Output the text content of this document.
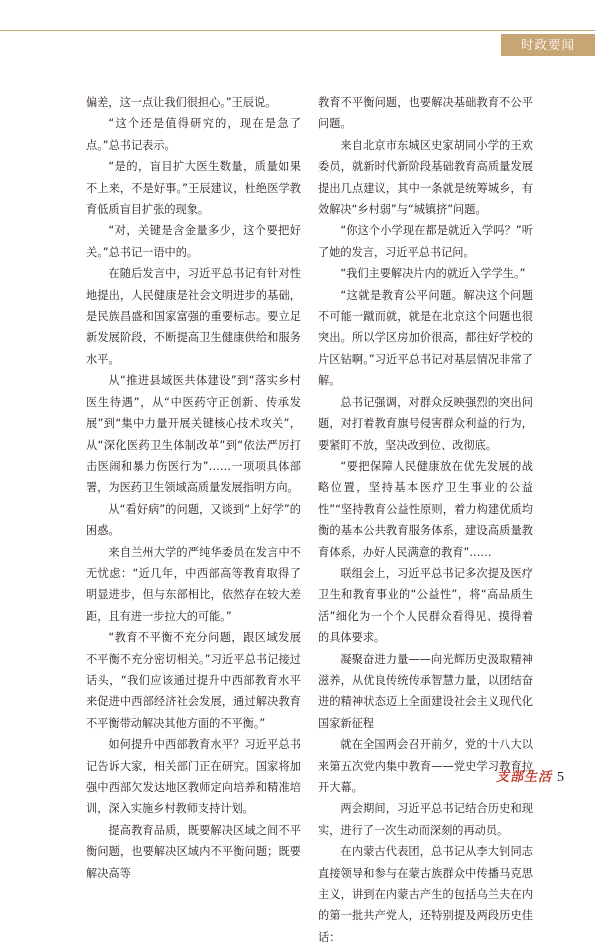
时政要闻

偏差，这一点让我们很担心。”王辰说。

“这个还是值得研究的，现在是急了点。”总书记表示。

“是的，盲目扩大医生数量，质量如果不上来，不是好事。”王辰建议，杜绝医学教育低质盲目扩张的现象。

“对，关键是含金量多少，这个要把好关。”总书记一语中的。

在随后发言中，习近平总书记有针对性地提出，人民健康是社会文明进步的基础，是民族昌盛和国家富强的重要标志。要立足新发展阶段，不断提高卫生健康供给和服务水平。

从“推进县域医共体建设”到“落实乡村医生待遇”，从“中医药守正创新、传承发展”到“集中力量开展关键核心技术攻关”，从“深化医药卫生体制改革”到“依法严厉打击医闹和暴力伤医行为”……一项项具体部署，为医药卫生领域高质量发展指明方向。

从“看好病”的问题，又谈到“上好学”的困惑。

来自兰州大学的严纯华委员在发言中不无忧虑：“近几年，中西部高等教育取得了明显进步，但与东部相比，依然存在较大差距，且有进一步拉大的可能。”

“教育不平衡不充分问题，跟区域发展不平衡不充分密切相关。”习近平总书记接过话头，“我们应该通过提升中西部教育水平来促进中西部经济社会发展，通过解决教育不平衡带动解决其他方面的不平衡。”

如何提升中西部教育水平？习近平总书记告诉大家，相关部门正在研究。国家将加强中西部欠发达地区教师定向培养和精准培训，深入实施乡村教师支持计划。

提高教育品质，既要解决区域之间不平衡问题，也要解决区域内不平衡问题；既要解决高等

教育不平衡问题，也要解决基础教育不公平问题。

来自北京市东城区史家胡同小学的王欢委员，就新时代新阶段基础教育高质量发展提出几点建议，其中一条就是统筹城乡，有效解决“乡村弱”与“城镇挤”问题。

“你这个小学现在都是就近入学吗？”听了她的发言，习近平总书记问。

“我们主要解决片内的就近入学学生。”

“这就是教育公平问题。解决这个问题不可能一蹴而就，就是在北京这个问题也很突出。所以学区房加价很高，都往好学校的片区钻啊。”习近平总书记对基层情况非常了解。

总书记强调，对群众反映强烈的突出问题，对打着教育旗号侵害群众利益的行为，要紧盯不放，坚决改到位、改彻底。

“要把保障人民健康放在优先发展的战略位置，坚持基本医疗卫生事业的公益性”“坚持教育公益性原则，着力构建优质均衡的基本公共教育服务体系，建设高质量教育体系，办好人民满意的教育”……

联组会上，习近平总书记多次提及医疗卫生和教育事业的“公益性”，将“高品质生活”细化为一个个人民群众看得见、摸得着的具体要求。

凝聚奋进力量——向光辉历史汲取精神滋养，从优良传统传承智慧力量，以团结奋进的精神状态迈上全面建设社会主义现代化国家新征程

就在全国两会召开前夕，党的十八大以来第五次党内集中教育——党史学习教育拉开大幕。

两会期间，习近平总书记结合历史和现实，进行了一次生动而深刻的再动员。

在内蒙古代表团，总书记从李大钊同志直接领导和参与在蒙古族群众中传播马克思主义，讲到在内蒙古产生的包括乌兰夫在内的第一批共产党人，还特别提及两段历史佳话：

支部生活 5
